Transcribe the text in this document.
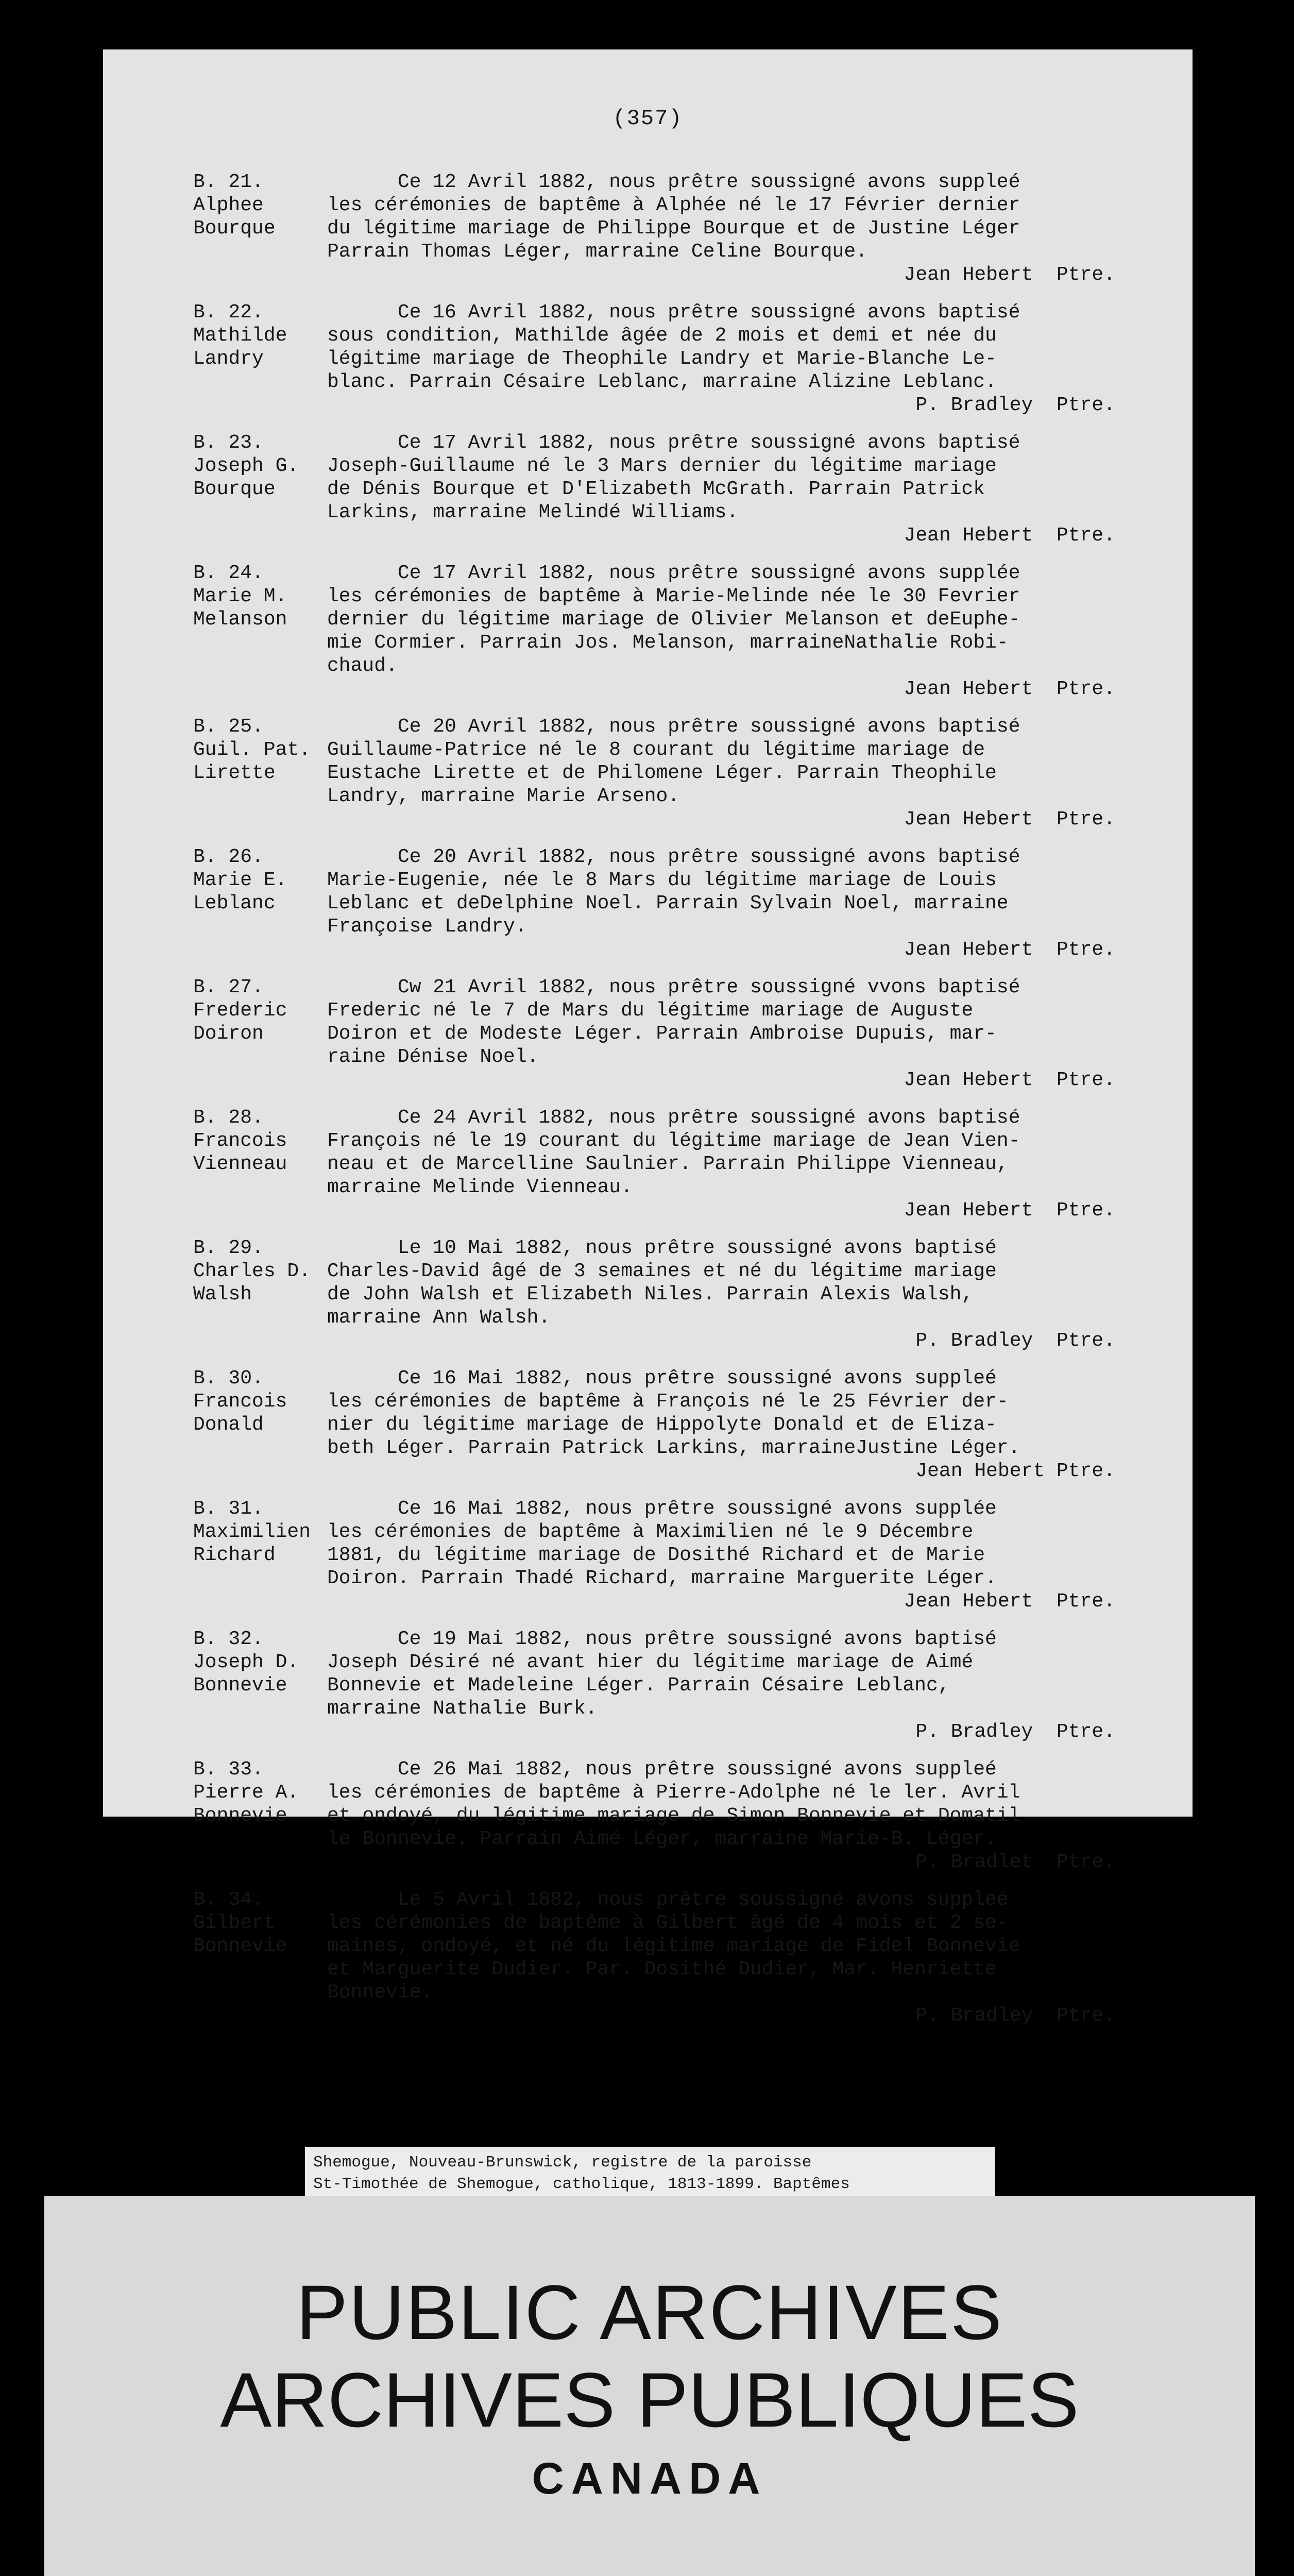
(357)
B. 21.
Alphee
Bourque
Ce 12 Avril 1882, nous prêtre soussigné avons suppleé
les cérémonies de baptême à Alphée né le 17 Février dernier
du légitime mariage de Philippe Bourque et de Justine Léger
Parrain Thomas Léger, marraine Celine Bourque.
Jean Hebert  Ptre.
B. 22.
Mathilde
Landry
Ce 16 Avril 1882, nous prêtre soussigné avons baptisé
sous condition, Mathilde âgée de 2 mois et demi et née du
légitime mariage de Theophile Landry et Marie-Blanche Le-
blanc. Parrain Césaire Leblanc, marraine Alizine Leblanc.
P. Bradley  Ptre.
B. 23.
Joseph G.
Bourque
Ce 17 Avril 1882, nous prêtre soussigné avons baptisé
Joseph-Guillaume né le 3 Mars dernier du légitime mariage
de Dénis Bourque et D'Elizabeth McGrath. Parrain Patrick
Larkins, marraine Melindé Williams.
Jean Hebert  Ptre.
B. 24.
Marie M.
Melanson
Ce 17 Avril 1882, nous prêtre soussigné avons supplée
les cérémonies de baptême à Marie-Melinde née le 30 Fevrier
dernier du légitime mariage de Olivier Melanson et deEuphe-
mie Cormier. Parrain Jos. Melanson, marraineNathalie Robi-
chaud.
Jean Hebert  Ptre.
B. 25.
Guil. Pat.
Lirette
Ce 20 Avril 1882, nous prêtre soussigné avons baptisé
Guillaume-Patrice né le 8 courant du légitime mariage de
Eustache Lirette et de Philomene Léger. Parrain Theophile
Landry, marraine Marie Arseno.
Jean Hebert  Ptre.
B. 26.
Marie E.
Leblanc
Ce 20 Avril 1882, nous prêtre soussigné avons baptisé
Marie-Eugenie, née le 8 Mars du légitime mariage de Louis
Leblanc et deDelphine Noel. Parrain Sylvain Noel, marraine
Françoise Landry.
Jean Hebert  Ptre.
B. 27.
Frederic
Doiron
Cw 21 Avril 1882, nous prêtre soussigné vvons baptisé
Frederic né le 7 de Mars du légitime mariage de Auguste
Doiron et de Modeste Léger. Parrain Ambroise Dupuis, mar-
raine Dénise Noel.
Jean Hebert  Ptre.
B. 28.
Francois
Vienneau
Ce 24 Avril 1882, nous prêtre soussigné avons baptisé
François né le 19 courant du légitime mariage de Jean Vien-
neau et de Marcelline Saulnier. Parrain Philippe Vienneau,
marraine Melinde Vienneau.
Jean Hebert  Ptre.
B. 29.
Charles D.
Walsh
Le 10 Mai 1882, nous prêtre soussigné avons baptisé
Charles-David âgé de 3 semaines et né du légitime mariage
de John Walsh et Elizabeth Niles. Parrain Alexis Walsh,
marraine Ann Walsh.
P. Bradley  Ptre.
B. 30.
Francois
Donald
Ce 16 Mai 1882, nous prêtre soussigné avons suppleé
les cérémonies de baptême à François né le 25 Février der-
nier du légitime mariage de Hippolyte Donald et de Eliza-
beth Léger. Parrain Patrick Larkins, marraineJustine Léger.
Jean Hebert Ptre.
B. 31.
Maximilien
Richard
Ce 16 Mai 1882, nous prêtre soussigné avons supplée
les cérémonies de baptême à Maximilien né le 9 Décembre
1881, du légitime mariage de Dosithé Richard et de Marie
Doiron. Parrain Thadé Richard, marraine Marguerite Léger.
Jean Hebert  Ptre.
B. 32.
Joseph D.
Bonnevie
Ce 19 Mai 1882, nous prêtre soussigné avons baptisé
Joseph Désiré né avant hier du légitime mariage de Aimé
Bonnevie et Madeleine Léger. Parrain Césaire Leblanc,
marraine Nathalie Burk.
P. Bradley  Ptre.
B. 33.
Pierre A.
Bonnevie
Ce 26 Mai 1882, nous prêtre soussigné avons suppleé
les cérémonies de baptême à Pierre-Adolphe né le ler. Avril
et ondoyé, du légitime mariage de Simon Bonnevie et Domatil
le Bonnevie. Parrain Aimé Léger, marraine Marie-B. Léger.
P. Bradlet  Ptre.
B. 34.
Gilbert
Bonnevie
Le 5 Avril 1882, nous prêtre soussigné avons suppleé
les cérémonies de baptême à Gilbert âgé de 4 mois et 2 se-
maines, ondoyé, et né du légitime mariage de Fidel Bonnevie
et Marguerite Dudier. Par. Dosithé Dudier, Mar. Henriette
Bonnevie.
P. Bradley  Ptre.
Shemogue, Nouveau-Brunswick, registre de la paroisse
St-Timothée de Shemogue, catholique, 1813-1899. Baptêmes
PUBLIC ARCHIVES
ARCHIVES PUBLIQUES
CANADA
